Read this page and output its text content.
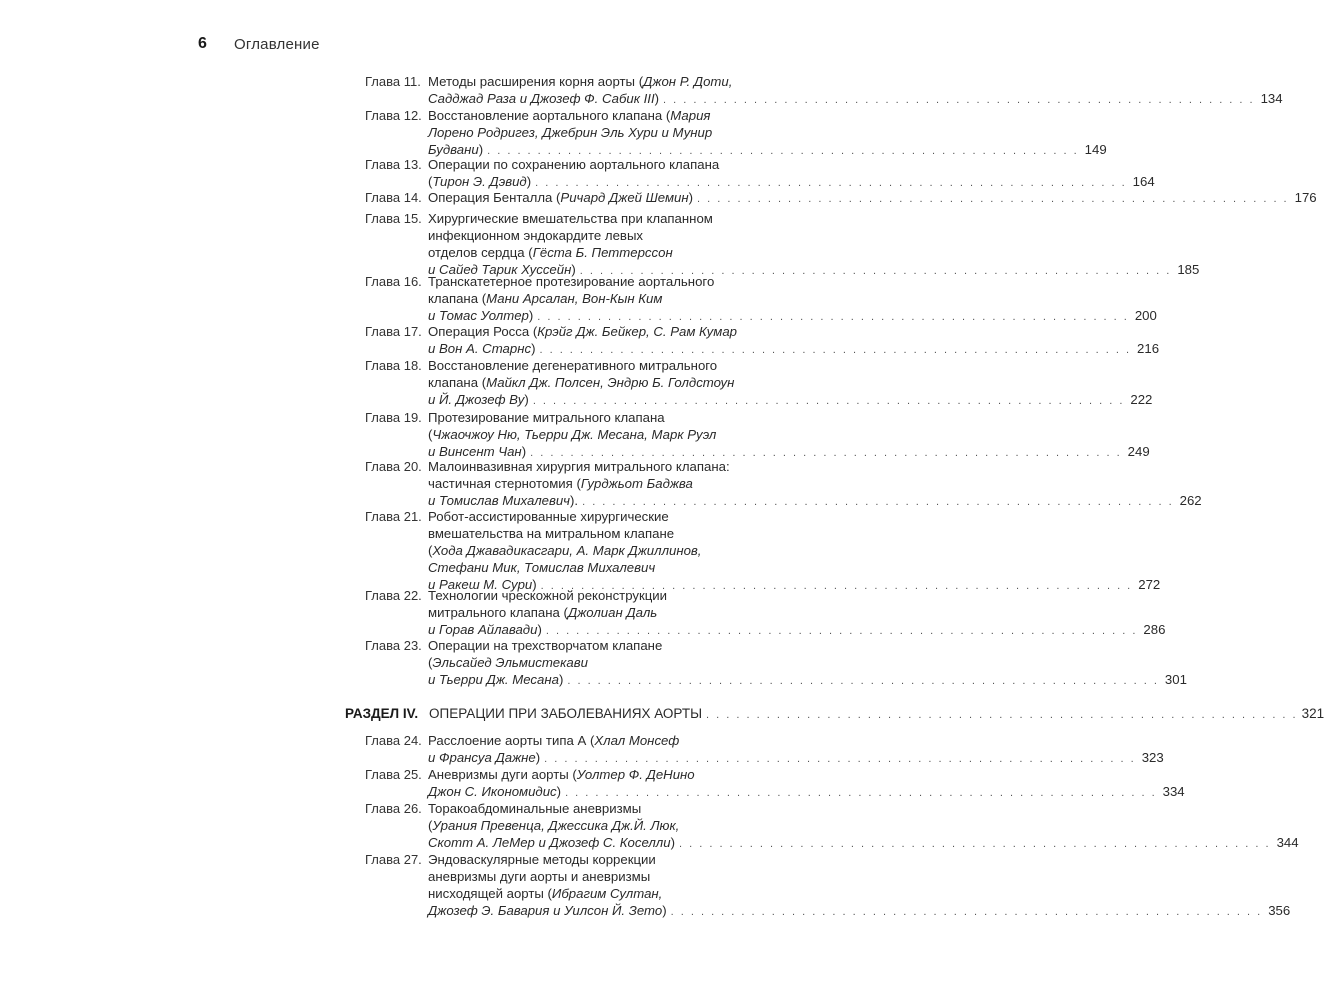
6 Оглавление
РАЗДЕЛ IV. ОПЕРАЦИИ ПРИ ЗАБОЛЕВАНИЯХ АОРТЫ . . . . . . . . . . . . . . . . . . . . . . . . . . . . . . . . . . . . . . . . . . . . . . . . . . . . . . . . . . . 321
Глава 11. Методы расширения корня аорты (Джон Р. Доти,
Садджад Раза и Джозеф Ф. Сабик III) . . . . . . . . . . . . . . . . . . . . . . . . . . . . . . . . . . . . . . . . . . . . . . . . . . . . . . . . . . . 134
Глава 12. Восстановление аортального клапана (Мария
Лорено Родригез, Джебрин Эль Хури и Мунир
Будвани) . . . . . . . . . . . . . . . . . . . . . . . . . . . . . . . . . . . . . . . . . . . . . . . . . . . . . . . . . . . 149
Глава 13. Операции по сохранению аортального клапана
(Тирон Э. Дэвид) . . . . . . . . . . . . . . . . . . . . . . . . . . . . . . . . . . . . . . . . . . . . . . . . . . . . . . . . . . . 164
Глава 14. Операция Бенталла (Ричард Джей Шемин) . . . . . . . . . . . . . . . . . . . . . . . . . . . . . . . . . . . . . . . . . . . . . . . . . . . . . . . . . . . 176
Глава 15. Хирургические вмешательства при клапанном
инфекционном эндокардите левых
отделов сердца (Гёста Б. Петтерссон
и Сайед Тарик Хуссейн) . . . . . . . . . . . . . . . . . . . . . . . . . . . . . . . . . . . . . . . . . . . . . . . . . . . . . . . . . . . 185
Глава 16. Транскатетерное протезирование аортального
клапана (Мани Арсалан, Вон-Кын Ким
и Томас Уолтер) . . . . . . . . . . . . . . . . . . . . . . . . . . . . . . . . . . . . . . . . . . . . . . . . . . . . . . . . . . . 200
Глава 17. Операция Росса (Крэйг Дж. Бейкер, С. Рам Кумар
и Вон А. Старнс) . . . . . . . . . . . . . . . . . . . . . . . . . . . . . . . . . . . . . . . . . . . . . . . . . . . . . . . . . . . 216
Глава 18. Восстановление дегенеративного митрального
клапана (Майкл Дж. Полсен, Эндрю Б. Голдстоун
и Й. Джозеф Ву) . . . . . . . . . . . . . . . . . . . . . . . . . . . . . . . . . . . . . . . . . . . . . . . . . . . . . . . . . . . 222
Глава 19. Протезирование митрального клапана
(Чжаочжоу Ню, Тьерри Дж. Месана, Марк Руэл
и Винсент Чан) . . . . . . . . . . . . . . . . . . . . . . . . . . . . . . . . . . . . . . . . . . . . . . . . . . . . . . . . . . . 249
Глава 20. Малоинвазивная хирургия митрального клапана:
частичная стернотомия (Гурджьот Баджва
и Томислав Михалевич). . . . . . . . . . . . . . . . . . . . . . . . . . . . . . . . . . . . . . . . . . . . . . . . . . . . . . . . . . . . 262
Глава 21. Робот-ассистированные хирургические
вмешательства на митральном клапане
(Хода Джавадикасгари, А. Марк Джиллинов,
Стефани Мик, Томислав Михалевич
и Ракеш М. Сури) . . . . . . . . . . . . . . . . . . . . . . . . . . . . . . . . . . . . . . . . . . . . . . . . . . . . . . . . . . . 272
Глава 22. Технологии чрескожной реконструкции
митрального клапана (Джолиан Даль
и Горав Айлавади) . . . . . . . . . . . . . . . . . . . . . . . . . . . . . . . . . . . . . . . . . . . . . . . . . . . . . . . . . . . 286
Глава 23. Операции на трехстворчатом клапане
(Эльсайед Эльмистекави
и Тьерри Дж. Месана) . . . . . . . . . . . . . . . . . . . . . . . . . . . . . . . . . . . . . . . . . . . . . . . . . . . . . . . . . . . 301
Глава 24. Расслоение аорты типа А (Хлал Монсеф
и Франсуа Дажне) . . . . . . . . . . . . . . . . . . . . . . . . . . . . . . . . . . . . . . . . . . . . . . . . . . . . . . . . . . . 323
Глава 25. Аневризмы дуги аорты (Уолтер Ф. ДеНино
Джон С. Икономидис) . . . . . . . . . . . . . . . . . . . . . . . . . . . . . . . . . . . . . . . . . . . . . . . . . . . . . . . . . . . 334
Глава 26. Торакоабдоминальные аневризмы
(Урания Превенца, Джессика Дж.Й. Люк,
Скотт А. ЛеМер и Джозеф С. Коселли) . . . . . . . . . . . . . . . . . . . . . . . . . . . . . . . . . . . . . . . . . . . . . . . . . . . . . . . . . . . 344
Глава 27. Эндоваскулярные методы коррекции
аневризмы дуги аорты и аневризмы
нисходящей аорты (Ибрагим Султан,
Джозеф Э. Бавария и Уилсон Й. Зето) . . . . . . . . . . . . . . . . . . . . . . . . . . . . . . . . . . . . . . . . . . . . . . . . . . . . . . . . . . . 356
